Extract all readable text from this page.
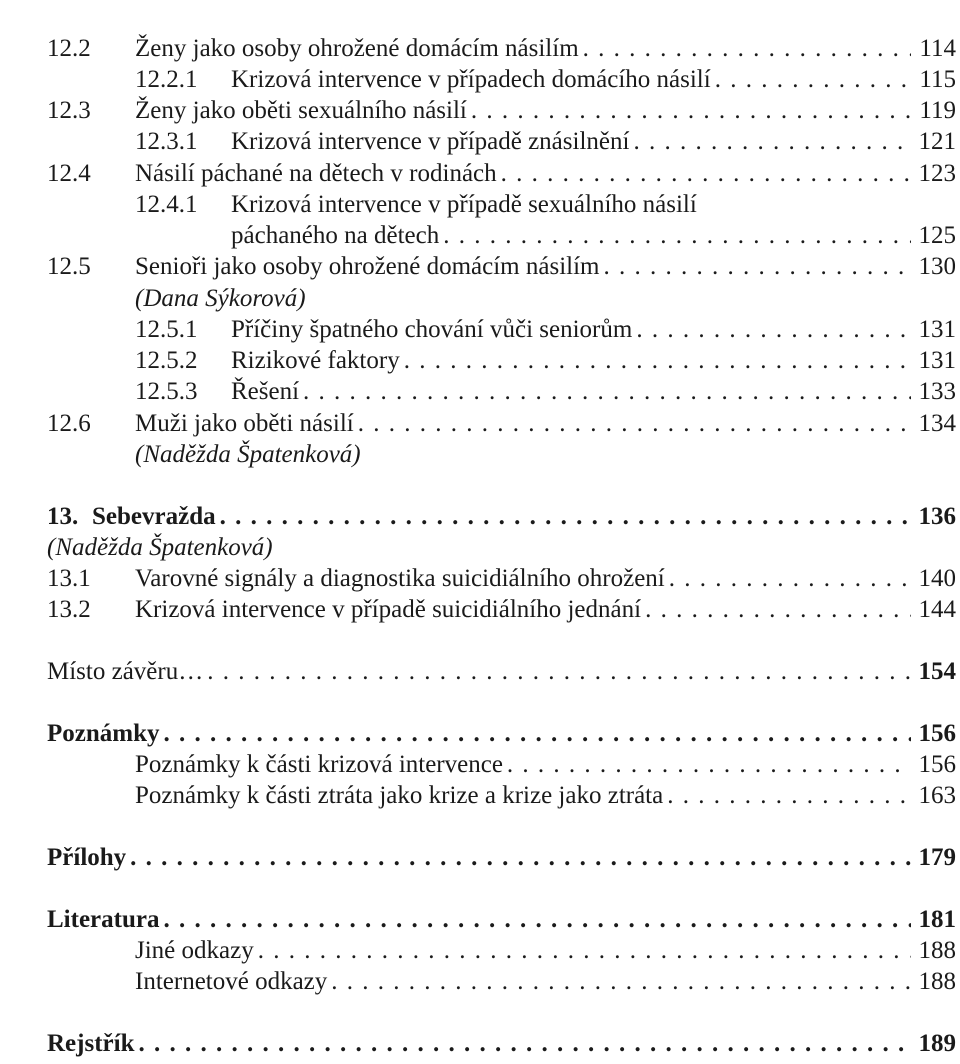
12.2 Ženy jako osoby ohrožené domácím násilím . . .	114
12.2.1 Krizová intervence v případech domácího násilí . . .	115
12.3 Ženy jako oběti sexuálního násilí . . .	119
12.3.1 Krizová intervence v případě znásilnění . . .	121
12.4 Násilí páchané na dětech v rodinách . . .	123
12.4.1 Krizová intervence v případě sexuálního násilí
páchaného na dětech . . .	125
12.5 Senioři jako osoby ohrožené domácím násilím . . .	130
(Dana Sýkorová)
12.5.1 Příčiny špatného chování vůči seniorům . . .	131
12.5.2 Rizikové faktory . . .	131
12.5.3 Řešení . . .	133
12.6 Muži jako oběti násilí . . .	134
(Naděžda Špatenková)
13. Sebevražda . . .	136
(Naděžda Špatenková)
13.1 Varovné signály a diagnostika suicidiálního ohrožení . . .	140
13.2 Krizová intervence v případě suicidiálního jednání . . .	144
Místo závěru… . . .	154
Poznámky . . .	156
Poznámky k části krizová intervence . . .	156
Poznámky k části ztráta jako krize a krize jako ztráta . . .	163
Přílohy . . .	179
Literatura . . .	181
Jiné odkazy . . .	188
Internetové odkazy . . .	188
Rejstřík . . .	189
